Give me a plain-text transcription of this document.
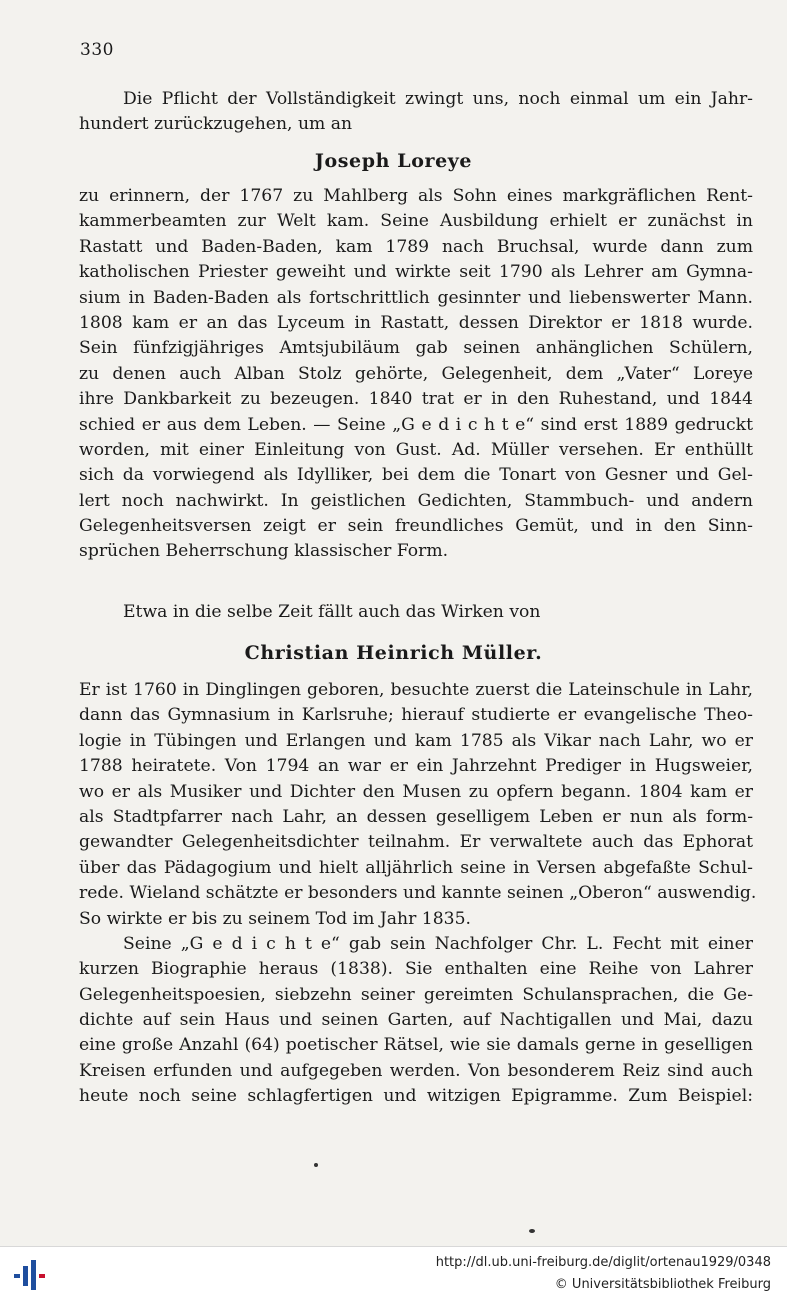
330
Die Pflicht der Vollständigkeit zwingt uns, noch einmal um ein Jahr-
hundert zurückzugehen, um an
Joseph Loreye
zu erinnern, der 1767 zu Mahlberg als Sohn eines markgräflichen Rent-
kammerbeamten zur Welt kam. Seine Ausbildung erhielt er zunächst in
Rastatt und Baden-Baden, kam 1789 nach Bruchsal, wurde dann zum
katholischen Priester geweiht und wirkte seit 1790 als Lehrer am Gymna-
sium in Baden-Baden als fortschrittlich gesinnter und liebenswerter Mann.
1808 kam er an das Lyceum in Rastatt, dessen Direktor er 1818 wurde.
Sein fünfzigjähriges Amtsjubiläum gab seinen anhänglichen Schülern,
zu denen auch Alban Stolz gehörte, Gelegenheit, dem „Vater“ Loreye
ihre Dankbarkeit zu bezeugen. 1840 trat er in den Ruhestand, und 1844
schied er aus dem Leben. — Seine „G e d i c h t e“ sind erst 1889 gedruckt
worden, mit einer Einleitung von Gust. Ad. Müller versehen. Er enthüllt
sich da vorwiegend als Idylliker, bei dem die Tonart von Gesner und Gel-
lert noch nachwirkt. In geistlichen Gedichten, Stammbuch- und andern
Gelegenheitsversen zeigt er sein freundliches Gemüt, und in den Sinn-
sprüchen Beherrschung klassischer Form.
Etwa in die selbe Zeit fällt auch das Wirken von
Christian Heinrich Müller.
Er ist 1760 in Dinglingen geboren, besuchte zuerst die Lateinschule in Lahr,
dann das Gymnasium in Karlsruhe; hierauf studierte er evangelische Theo-
logie in Tübingen und Erlangen und kam 1785 als Vikar nach Lahr, wo er
1788 heiratete. Von 1794 an war er ein Jahrzehnt Prediger in Hugsweier,
wo er als Musiker und Dichter den Musen zu opfern begann. 1804 kam er
als Stadtpfarrer nach Lahr, an dessen geselligem Leben er nun als form-
gewandter Gelegenheitsdichter teilnahm. Er verwaltete auch das Ephorat
über das Pädagogium und hielt alljährlich seine in Versen abgefaßte Schul-
rede. Wieland schätzte er besonders und kannte seinen „Oberon“ auswendig.
So wirkte er bis zu seinem Tod im Jahr 1835.
Seine „G e d i c h t e“ gab sein Nachfolger Chr. L. Fecht mit einer
kurzen Biographie heraus (1838). Sie enthalten eine Reihe von Lahrer
Gelegenheitspoesien, siebzehn seiner gereimten Schulansprachen, die Ge-
dichte auf sein Haus und seinen Garten, auf Nachtigallen und Mai, dazu
eine große Anzahl (64) poetischer Rätsel, wie sie damals gerne in geselligen
Kreisen erfunden und aufgegeben werden. Von besonderem Reiz sind auch
heute noch seine schlagfertigen und witzigen Epigramme. Zum Beispiel:
http://dl.ub.uni-freiburg.de/diglit/ortenau1929/0348
© Universitätsbibliothek Freiburg
